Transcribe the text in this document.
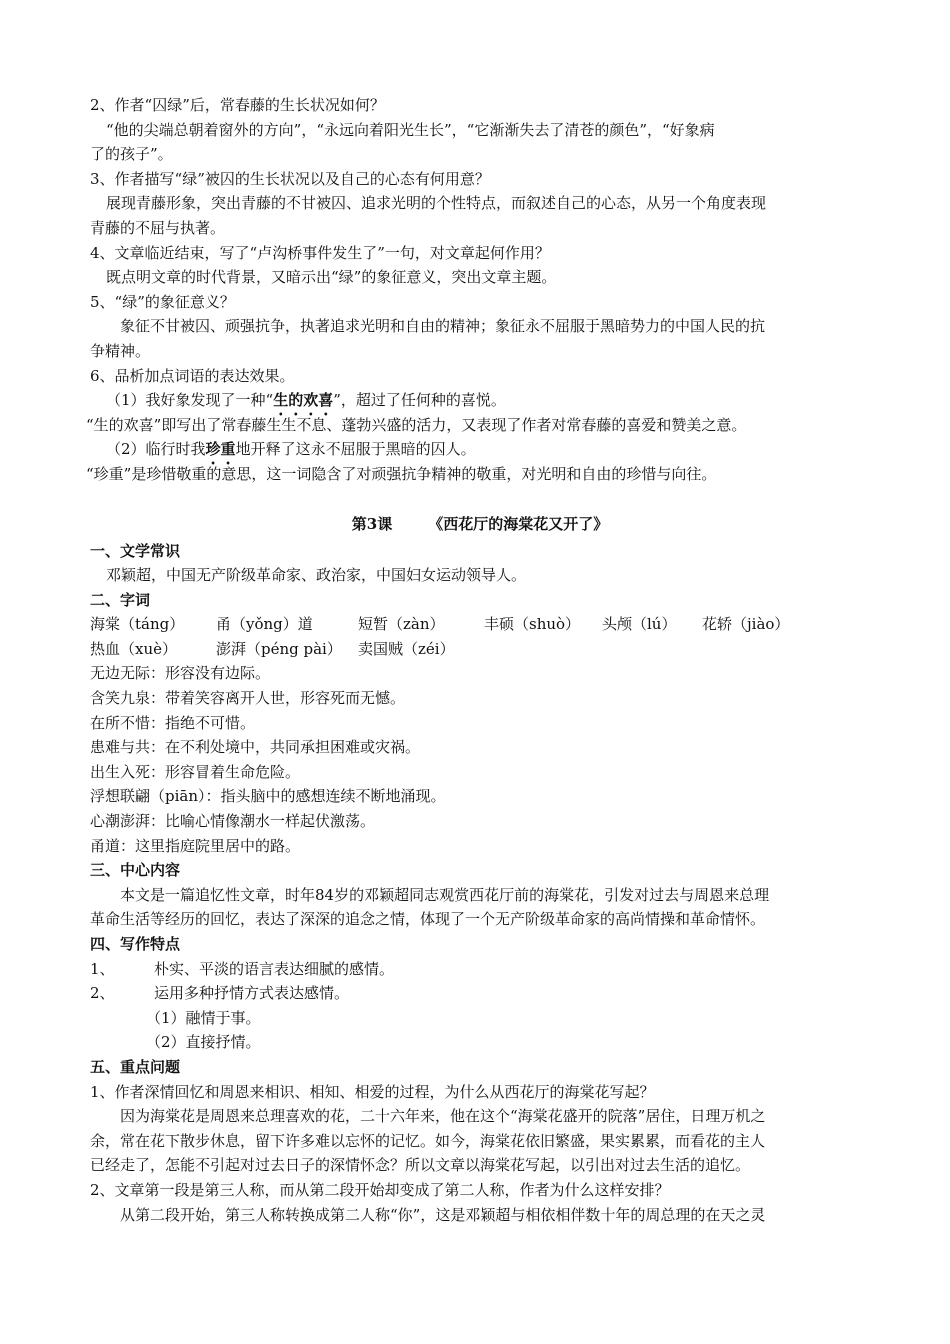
2、作者“囚绿”后，常春藤的生长状况如何？
“他的尖端总朝着窗外的方向”，“永远向着阳光生长”，“它渐渐失去了清苍的颜色”，“好象病
了的孩子”。
3、作者描写“绿”被囚的生长状况以及自己的心态有何用意？
展现青藤形象，突出青藤的不甘被囚、追求光明的个性特点，而叙述自己的心态，从另一个角度表现
青藤的不屈与执著。
4、文章临近结束，写了“卢沟桥事件发生了”一句，对文章起何作用？
既点明文章的时代背景，又暗示出“绿”的象征意义，突出文章主题。
5、“绿”的象征意义？
象征不甘被囚、顽强抗争，执著追求光明和自由的精神；象征永不屈服于黑暗势力的中国人民的抗
争精神。
6、品析加点词语的表达效果。
（1）我好象发现了一种“生的欢喜”，超过了任何种的喜悦。
“生的欢喜”即写出了常春藤生生不息、蓬勃兴盛的活力，又表现了作者对常春藤的喜爱和赞美之意。
（2）临行时我珍重地开释了这永不屈服于黑暗的囚人。
“珍重”是珍惜敬重的意思，这一词隐含了对顽强抗争精神的敬重，对光明和自由的珍惜与向往。
第3课 《西花厅的海棠花又开了》
一、文学常识
邓颖超，中国无产阶级革命家、政治家，中国妇女运动领导人。
二、字词
海棠（táng） 甬（yǒng）道	短暂（zàn）	丰硕（shuò） 头颅（lú） 花轿（jiào）
热血（xuè）	澎湃（péng pài） 卖国贼（zéi）
无边无际：形容没有边际。
含笑九泉：带着笑容离开人世，形容死而无憾。
在所不惜：指绝不可惜。
患难与共：在不利处境中，共同承担困难或灾祸。
出生入死：形容冒着生命危险。
浮想联翩（piān）：指头脑中的感想连续不断地涌现。
心潮澎湃：比喻心情像潮水一样起伏激荡。
甬道：这里指庭院里居中的路。
三、中心内容
本文是一篇追忆性文章，时年84岁的邓颖超同志观赏西花厅前的海棠花，引发对过去与周恩来总理
革命生活等经历的回忆，表达了深深的追念之情，体现了一个无产阶级革命家的高尚情操和革命情怀。
四、写作特点
1、	朴实、平淡的语言表达细腻的感情。
2、	运用多种抒情方式表达感情。
（1）融情于事。
（2）直接抒情。
五、重点问题
1、作者深情回忆和周恩来相识、相知、相爱的过程，为什么从西花厅的海棠花写起？
因为海棠花是周恩来总理喜欢的花，二十六年来，他在这个“海棠花盛开的院落”居住，日理万机之
余，常在花下散步休息，留下许多难以忘怀的记忆。如今，海棠花依旧繁盛，果实累累，而看花的主人
已经走了，怎能不引起对过去日子的深情怀念？所以文章以海棠花写起，以引出对过去生活的追忆。
2、文章第一段是第三人称，而从第二段开始却变成了第二人称，作者为什么这样安排？
从第二段开始，第三人称转换成第二人称“你”，这是邓颖超与相依相伴数十年的周总理的在天之灵
